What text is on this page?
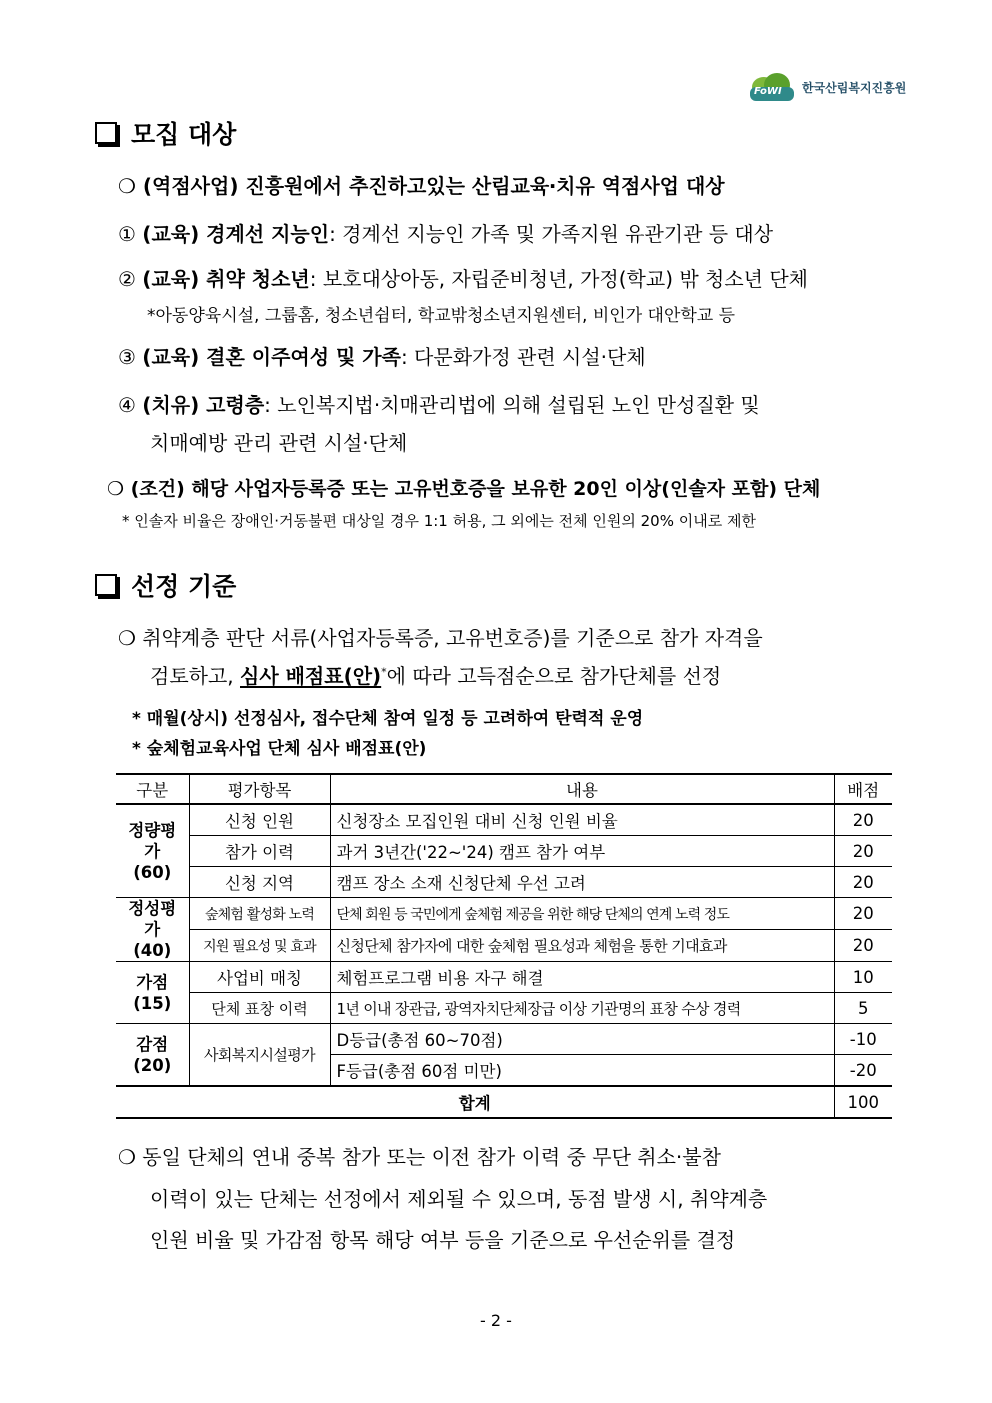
FoWI 한국산림복지진흥원
모집 대상
❍ (역점사업) 진흥원에서 추진하고있는 산림교육‧치유 역점사업 대상
① (교육) 경계선 지능인: 경계선 지능인 가족 및 가족지원 유관기관 등 대상
② (교육) 취약 청소년: 보호대상아동, 자립준비청년, 가정(학교) 밖 청소년 단체
*아동양육시설, 그룹홈, 청소년쉼터, 학교밖청소년지원센터, 비인가 대안학교 등
③ (교육) 결혼 이주여성 및 가족: 다문화가정 관련 시설‧단체
④ (치유) 고령층: 노인복지법‧치매관리법에 의해 설립된 노인 만성질환 및
치매예방 관리 관련 시설‧단체
❍ (조건) 해당 사업자등록증 또는 고유번호증을 보유한 20인 이상(인솔자 포함) 단체
* 인솔자 비율은 장애인‧거동불편 대상일 경우 1:1 허용, 그 외에는 전체 인원의 20% 이내로 제한
선정 기준
❍ 취약계층 판단 서류(사업자등록증, 고유번호증)를 기준으로 참가 자격을
검토하고, 심사 배점표(안)*에 따라 고득점순으로 참가단체를 선정
* 매월(상시) 선정심사, 접수단체 참여 일정 등 고려하여 탄력적 운영
* 숲체험교육사업 단체 심사 배점표(안)
구분	평가항목	내용	배점

정량평가
(60)	신청 인원	신청장소 모집인원 대비 신청 인원 비율	20
	참가 이력	과거 3년간('22~'24) 캠프 참가 여부	20
	신청 지역	캠프 장소 소재 신청단체 우선 고려	20

정성평가
(40)	숲체험 활성화 노력	단체 회원 등 국민에게 숲체험 제공을 위한 해당 단체의 연계 노력 정도	20
	지원 필요성 및 효과	신청단체 참가자에 대한 숲체험 필요성과 체험을 통한 기대효과	20

가점
(15)	사업비 매칭	체험프로그램 비용 자구 해결	10
	단체 표창 이력	1년 이내 장관급, 광역자치단체장급 이상 기관명의 표창 수상 경력	5

감점
(20)	사회복지시설평가	D등급(총점 60~70점)	-10
		F등급(총점 60점 미만)	-20
합계			100
❍ 동일 단체의 연내 중복 참가 또는 이전 참가 이력 중 무단 취소‧불참
이력이 있는 단체는 선정에서 제외될 수 있으며, 동점 발생 시, 취약계층
인원 비율 및 가감점 항목 해당 여부 등을 기준으로 우선순위를 결정
- 2 -
